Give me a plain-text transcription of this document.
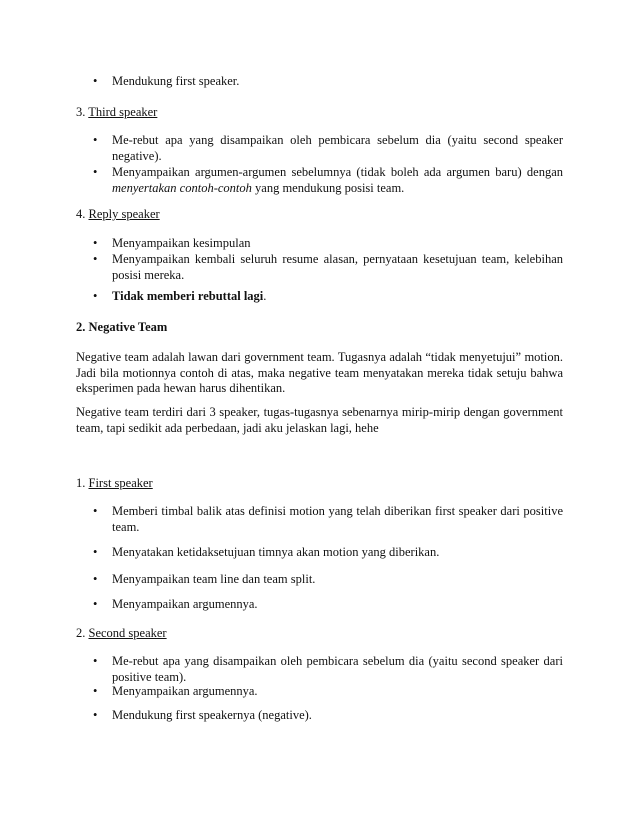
• Mendukung first speaker.
3. Third speaker
• Me-rebut apa yang disampaikan oleh pembicara sebelum dia (yaitu second speaker negative).
• Menyampaikan argumen-argumen sebelumnya (tidak boleh ada argumen baru) dengan menyertakan contoh-contoh yang mendukung posisi team.
4. Reply speaker
• Menyampaikan kesimpulan
• Menyampaikan kembali seluruh resume alasan, pernyataan kesetujuan team, kelebihan posisi mereka.
• Tidak memberi rebuttal lagi.
2. Negative Team
Negative team adalah lawan dari government team. Tugasnya adalah “tidak menyetujui” motion. Jadi bila motionnya contoh di atas, maka negative team menyatakan mereka tidak setuju bahwa eksperimen pada hewan harus dihentikan.
Negative team terdiri dari 3 speaker, tugas-tugasnya sebenarnya mirip-mirip dengan government team, tapi sedikit ada perbedaan, jadi aku jelaskan lagi, hehe
1. First speaker
• Memberi timbal balik atas definisi motion yang telah diberikan first speaker dari positive team.
• Menyatakan ketidaksetujuan timnya akan motion yang diberikan.
• Menyampaikan team line dan team split.
• Menyampaikan argumennya.
2. Second speaker
• Me-rebut apa yang disampaikan oleh pembicara sebelum dia (yaitu second speaker dari positive team).
• Menyampaikan argumennya.
• Mendukung first speakernya (negative).
